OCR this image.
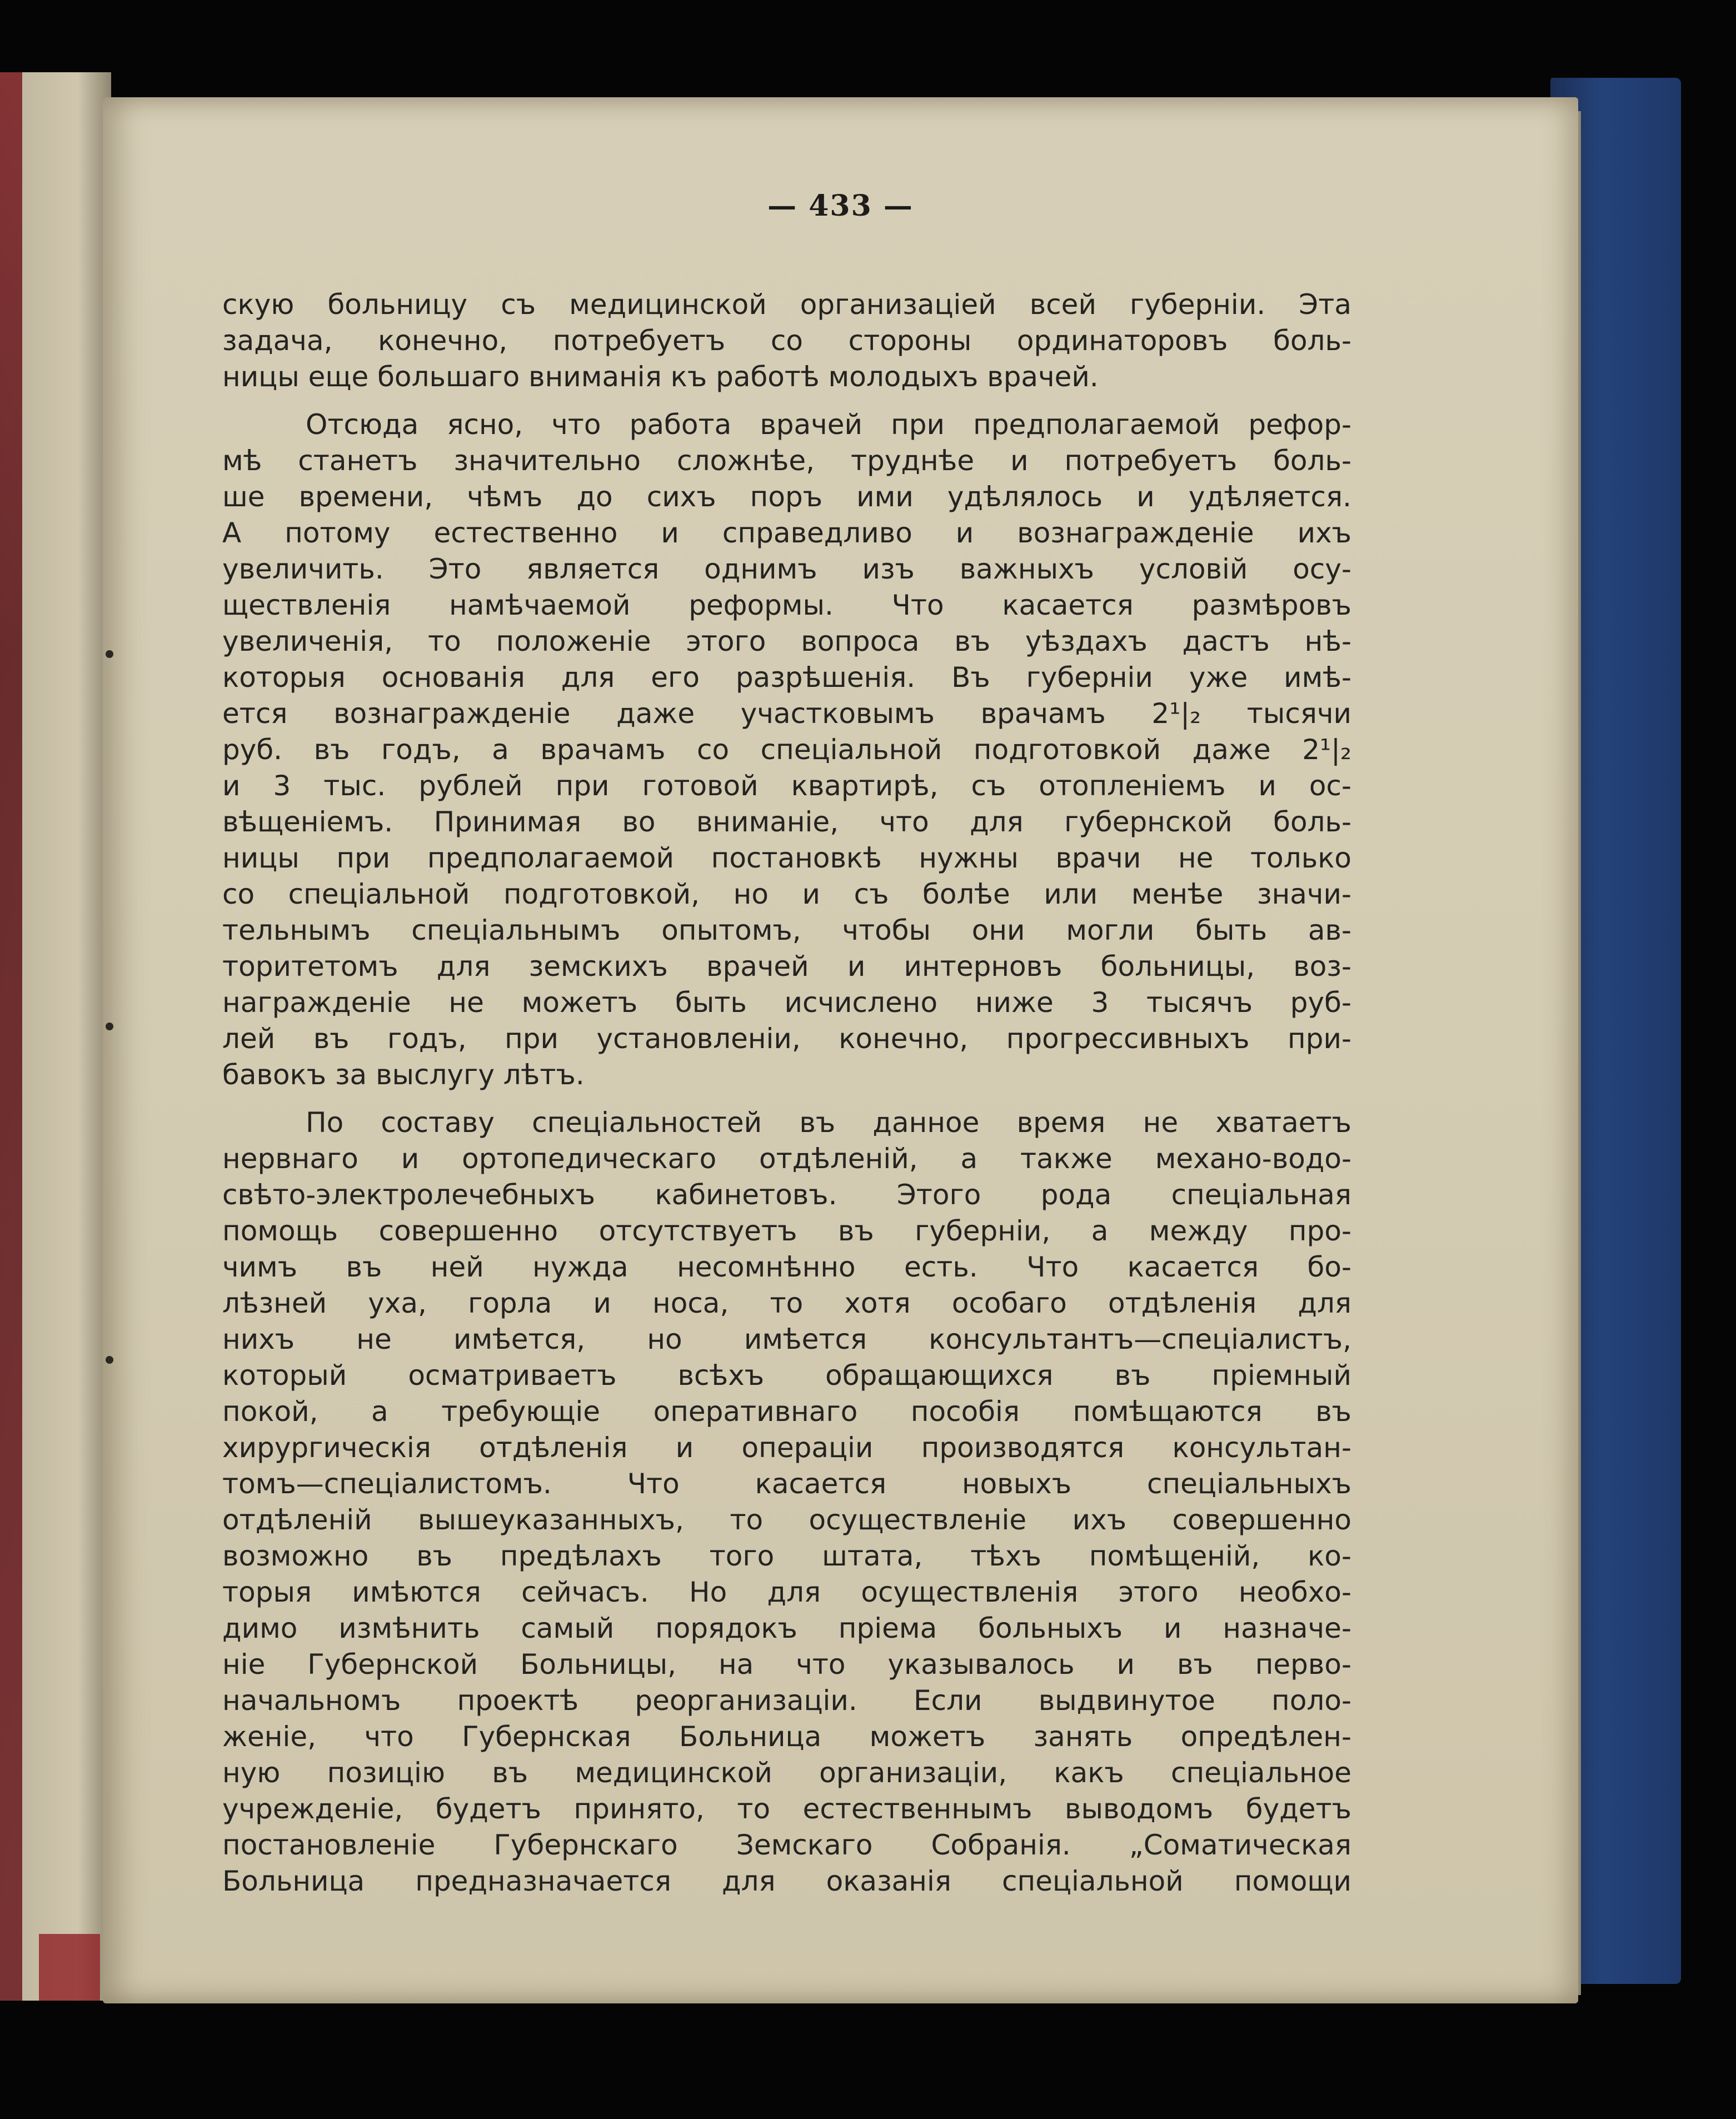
— 433 —
скую больницу съ медицинской организацiей всей губернiи. Эта
задача, конечно, потребуетъ со стороны ординаторовъ боль-
ницы еще большаго вниманiя къ работѣ молодыхъ врачей.
Отсюда ясно, что работа врачей при предполагаемой рефор-
мѣ станетъ значительно сложнѣе, труднѣе и потребуетъ боль-
ше времени, чѣмъ до сихъ поръ ими удѣлялось и удѣляется.
А потому естественно и справедливо и вознагражденiе ихъ
увеличить. Это является однимъ изъ важныхъ условiй осу-
ществленiя намѣчаемой реформы. Что касается размѣровъ
увеличенiя, то положенiе этого вопроса въ уѣздахъ дастъ нѣ-
которыя основанiя для его разрѣшенiя. Въ губернiи уже имѣ-
ется вознагражденiе даже участковымъ врачамъ 2¹|₂ тысячи
руб. въ годъ, а врачамъ со спецiальной подготовкой даже 2¹|₂
и 3 тыс. рублей при готовой квартирѣ, съ отопленiемъ и ос-
вѣщенiемъ. Принимая во вниманiе, что для губернской боль-
ницы при предполагаемой постановкѣ нужны врачи не только
со спецiальной подготовкой, но и съ болѣе или менѣе значи-
тельнымъ спецiальнымъ опытомъ, чтобы они могли быть ав-
торитетомъ для земскихъ врачей и интерновъ больницы, воз-
награжденiе не можетъ быть исчислено ниже 3 тысячъ руб-
лей въ годъ, при установленiи, конечно, прогрессивныхъ при-
бавокъ за выслугу лѣтъ.
По составу спецiальностей въ данное время не хватаетъ
нервнаго и ортопедическаго отдѣленiй, а также механо-водо-
свѣто-электролечебныхъ кабинетовъ. Этого рода спецiальная
помощь совершенно отсутствуетъ въ губернiи, а между про-
чимъ въ ней нужда несомнѣнно есть. Что касается бо-
лѣзней уха, горла и носа, то хотя особаго отдѣленiя для
нихъ не имѣется, но имѣется консультантъ—спецiалистъ,
который осматриваетъ всѣхъ обращающихся въ прiемный
покой, а требующiе оперативнаго пособiя помѣщаются въ
хирургическiя отдѣленiя и операцiи производятся консультан-
томъ—спецiалистомъ. Что касается новыхъ спецiальныхъ
отдѣленiй вышеуказанныхъ, то осуществленiе ихъ совершенно
возможно въ предѣлахъ того штата, тѣхъ помѣщенiй, ко-
торыя имѣются сейчасъ. Но для осуществленiя этого необхо-
димо измѣнить самый порядокъ прiема больныхъ и назначе-
нiе Губернской Больницы, на что указывалось и въ перво-
начальномъ проектѣ реорганизацiи. Если выдвинутое поло-
женiе, что Губернская Больница можетъ занять опредѣлен-
ную позицiю въ медицинской организацiи, какъ спецiальное
учрежденiе, будетъ принято, то естественнымъ выводомъ будетъ
постановленiе Губернскаго Земскаго Собранiя. „Соматическая
Больница предназначается для оказанiя спецiальной помощи
